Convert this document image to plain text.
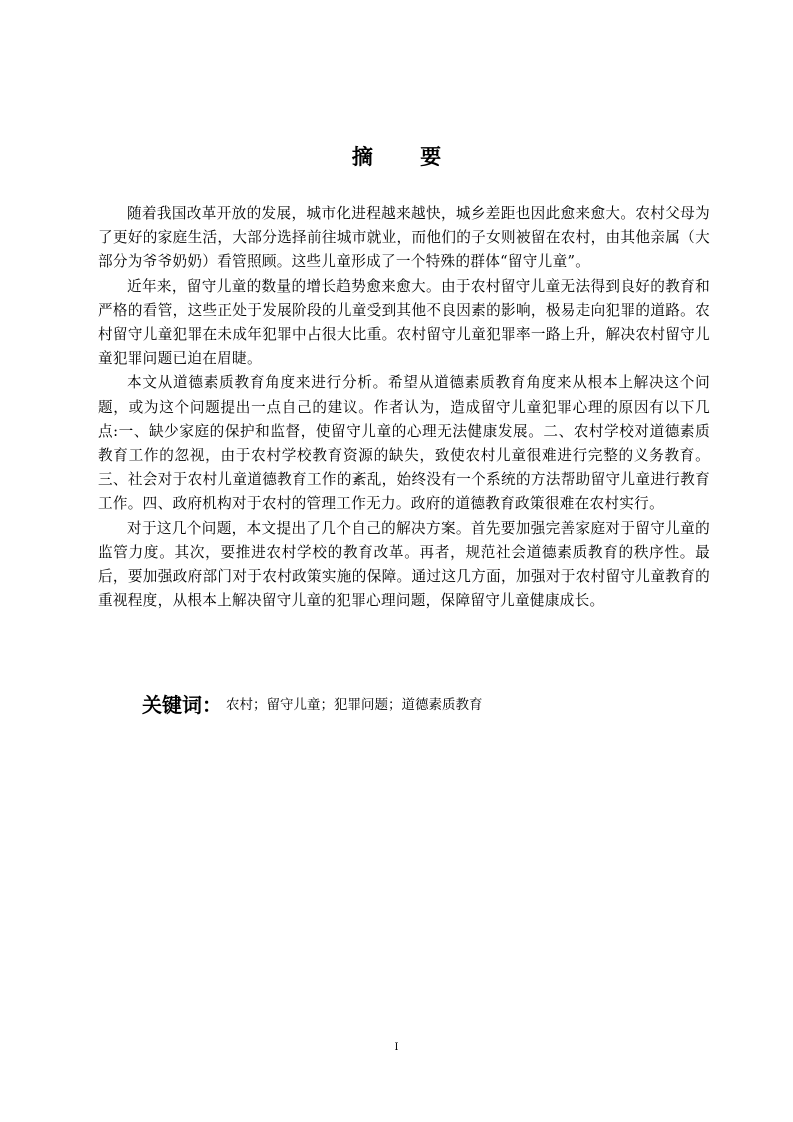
摘 要

随着我国改革开放的发展，城市化进程越来越快，城乡差距也因此愈来愈大。农村父母为了更好的家庭生活，大部分选择前往城市就业，而他们的子女则被留在农村，由其他亲属（大部分为爷爷奶奶）看管照顾。这些儿童形成了一个特殊的群体“留守儿童”。

近年来，留守儿童的数量的增长趋势愈来愈大。由于农村留守儿童无法得到良好的教育和严格的看管，这些正处于发展阶段的儿童受到其他不良因素的影响，极易走向犯罪的道路。农村留守儿童犯罪在未成年犯罪中占很大比重。农村留守儿童犯罪率一路上升，解决农村留守儿童犯罪问题已迫在眉睫。

本文从道德素质教育角度来进行分析。希望从道德素质教育角度来从根本上解决这个问题，或为这个问题提出一点自己的建议。作者认为，造成留守儿童犯罪心理的原因有以下几点:一、缺少家庭的保护和监督，使留守儿童的心理无法健康发展。二、农村学校对道德素质教育工作的忽视，由于农村学校教育资源的缺失，致使农村儿童很难进行完整的义务教育。三、社会对于农村儿童道德教育工作的紊乱，始终没有一个系统的方法帮助留守儿童进行教育工作。四、政府机构对于农村的管理工作无力。政府的道德教育政策很难在农村实行。

对于这几个问题，本文提出了几个自己的解决方案。首先要加强完善家庭对于留守儿童的监管力度。其次，要推进农村学校的教育改革。再者，规范社会道德素质教育的秩序性。最后，要加强政府部门对于农村政策实施的保障。通过这几方面，加强对于农村留守儿童教育的重视程度，从根本上解决留守儿童的犯罪心理问题，保障留守儿童健康成长。

关键词： 农村；留守儿童；犯罪问题；道德素质教育
I
